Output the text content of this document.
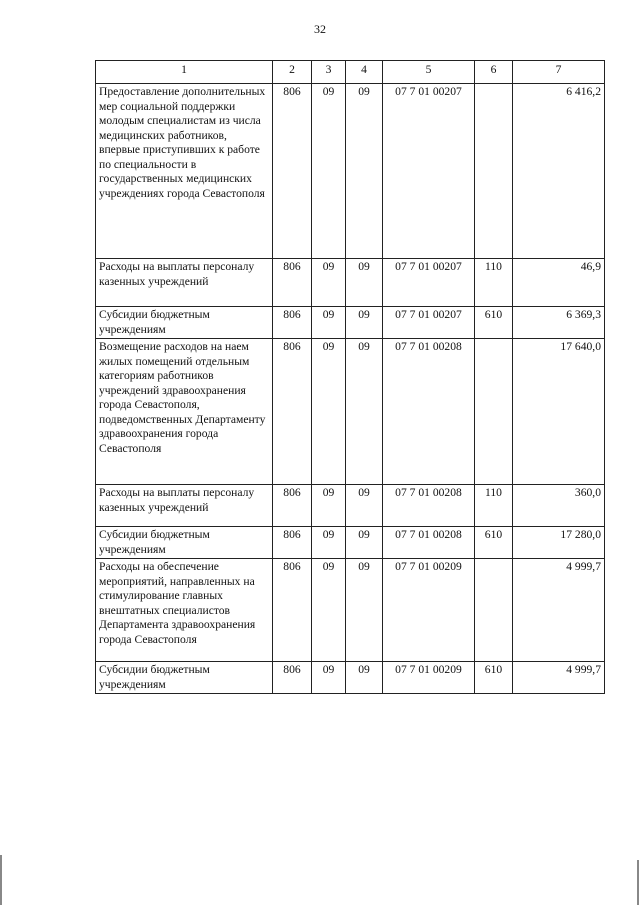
32
1	2	3	4	5	6	7
Предоставление дополнительных мер социальной поддержки молодым специалистам из числа медицинских работников, впервые приступивших к работе по специальности в государственных медицинских учреждениях города Севастополя	806	09	09	07 7 01 00207		6 416,2
Расходы на выплаты персоналу казенных учреждений	806	09	09	07 7 01 00207	110	46,9
Субсидии бюджетным учреждениям	806	09	09	07 7 01 00207	610	6 369,3
Возмещение расходов на наем жилых помещений отдельным категориям работников учреждений здравоохранения города Севастополя, подведомственных Департаменту здравоохранения города Севастополя	806	09	09	07 7 01 00208		17 640,0
Расходы на выплаты персоналу казенных учреждений	806	09	09	07 7 01 00208	110	360,0
Субсидии бюджетным учреждениям	806	09	09	07 7 01 00208	610	17 280,0
Расходы на обеспечение мероприятий, направленных на стимулирование главных внештатных специалистов Департамента здравоохранения города Севастополя	806	09	09	07 7 01 00209		4 999,7
Субсидии бюджетным учреждениям	806	09	09	07 7 01 00209	610	4 999,7
